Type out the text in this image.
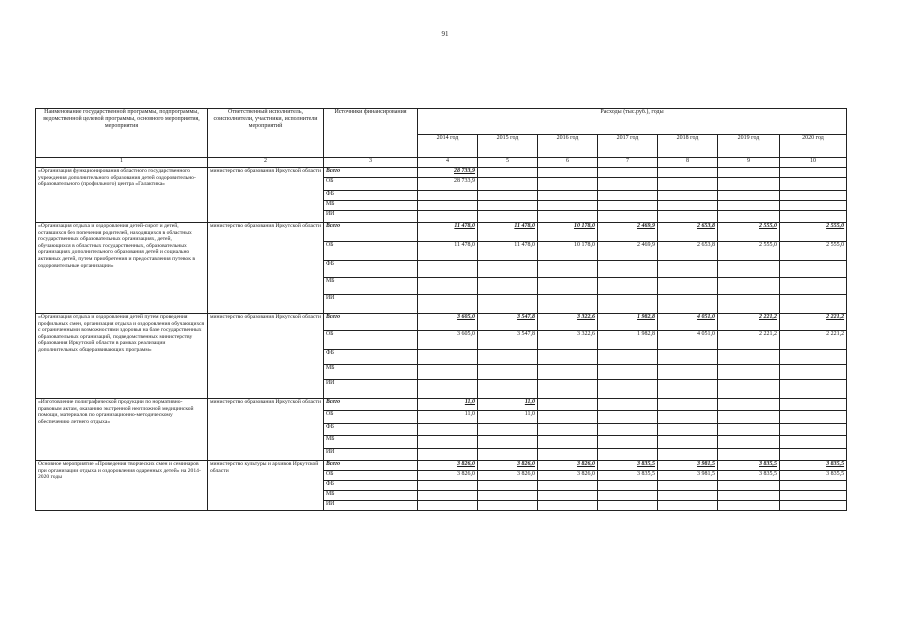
91
Наименование государственной программы, подпрограммы, ведомственной целевой программы, основного мероприятия, мероприятия	Ответственный исполнитель, соисполнители, участники, исполнители мероприятий	Источники финансирования	Расходы (тыс.руб.), годы						
			2014 год	2015 год	2016 год	2017 год	2018 год	2019 год	2020 год
1	2	3	4	5	6	7	8	9	10
«Организация функционирования областного государственного учреждения дополнительного образования детей оздоровительно-образовательного (профильного) центра «Галактика»	министерство образования Иркутской области	Всего	28 733,9						
		ОБ	28 733,9						
		ФБ							
		МБ							
		ИИ							
«Организация отдыха и оздоровления детей-сирот и детей, оставшихся без попечения родителей, находящихся в областных государственных образовательных организациях, детей, обучающихся в областных государственных, образовательных организациях дополнительного образования детей и социально активных детей, путем приобретения и предоставления путевок в оздоровительные организации»	министерство образования Иркутской области	Всего	11 478,0	11 478,0	10 178,0	2 469,9	2 653,8	2 555,0	2 555,0
		ОБ	11 478,0	11 478,0	10 178,0	2 469,9	2 653,8	2 555,0	2 555,0
		ФБ							
		МБ							
		ИИ							
«Организация отдыха и оздоровления детей путем проведения профильных смен, организация отдыха и оздоровления обучающихся с ограниченными возможностями здоровья на базе государственных образовательных организаций, подведомственных министерству образования Иркутской области в рамках реализации дополнительных общеразвивающих программ»	министерство образования Иркутской области	Всего	3 605,0	3 547,8	3 322,6	1 982,8	4 051,0	2 221,2	2 221,2
		ОБ	3 605,0	3 547,8	3 322,6	1 982,8	4 051,0	2 221,2	2 221,2
		ФБ							
		МБ							
		ИИ							
«Изготовление полиграфической продукции по нормативно-правовым актам, оказанию экстренной неотложной медицинской помощи, материалов по организационно-методическому обеспечению летнего отдыха»	министерство образования Иркутской области	Всего	11,0	11,0					
		ОБ	11,0	11,0					
		ФБ							
		МБ							
		ИИ							
Основное мероприятие «Проведения творческих смен и семинаров при организации отдыха и оздоровления одаренных детей» на 2014-2020 годы	министерство культуры и архивов Иркутской области	Всего	3 826,0	3 826,0	3 826,0	3 835,5	3 981,5	3 835,5	3 835,5
		ОБ	3 826,0	3 826,0	3 826,0	3 835,5	3 981,5	3 835,5	3 835,5
		ФБ							
		МБ							
		ИИ							
